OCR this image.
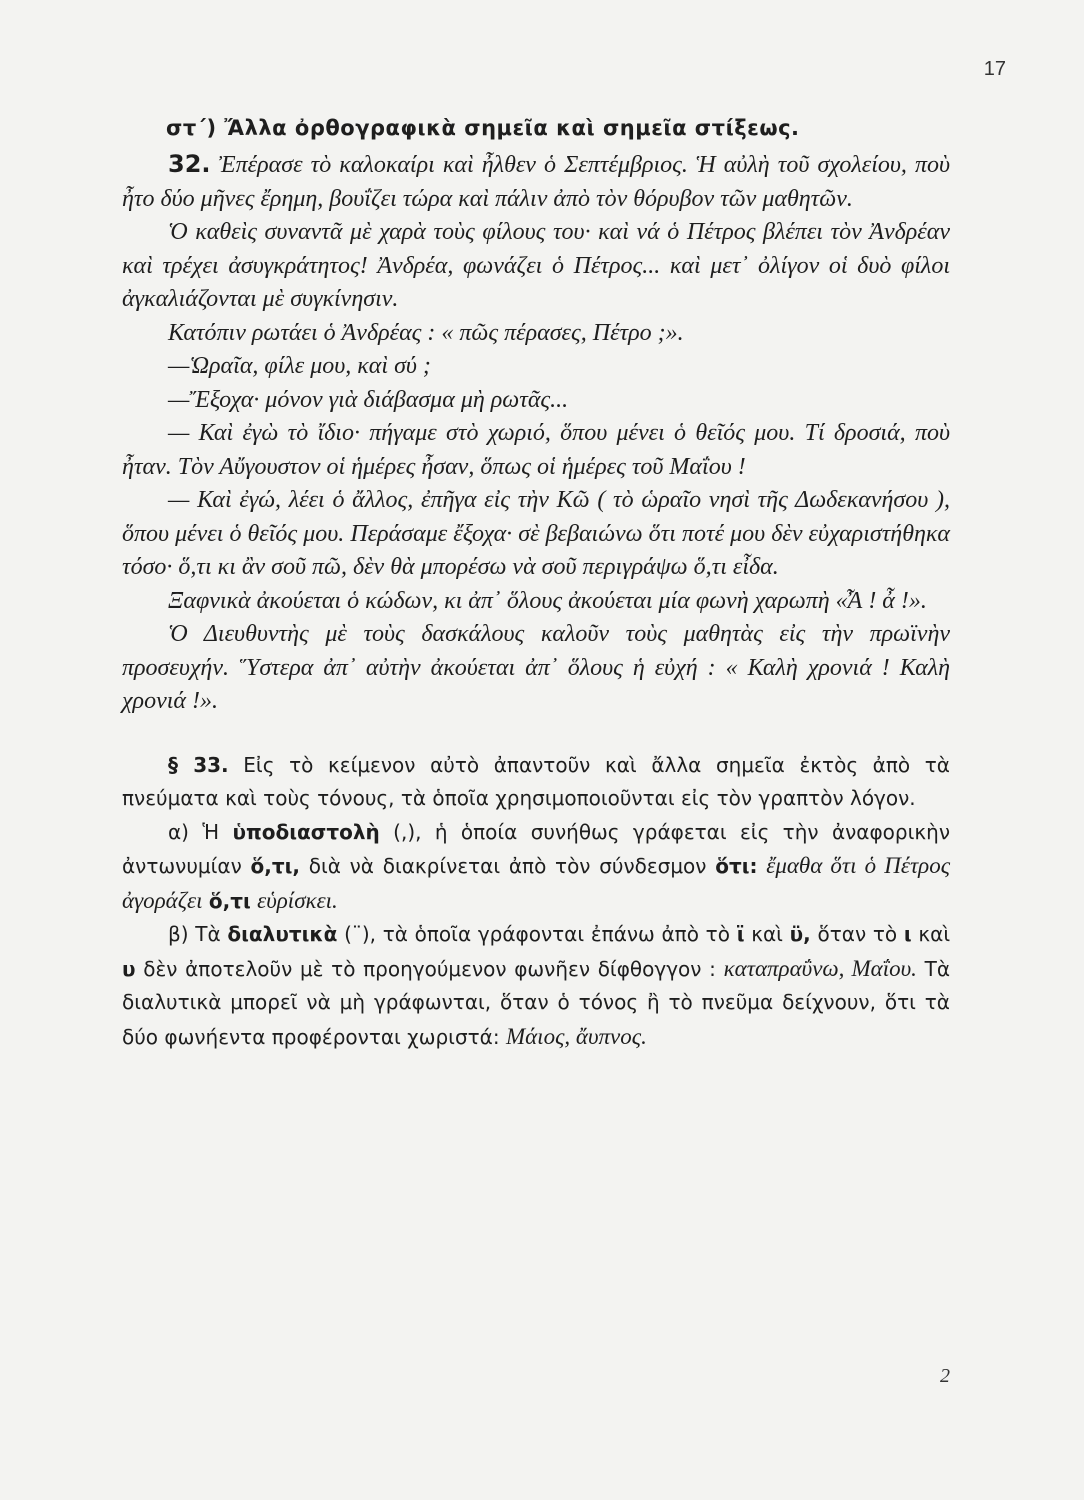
17
στ΄) Ἄλλα ὀρθογραφικὰ σημεῖα καὶ σημεῖα στίξεως.

32. Ἐπέρασε τὸ καλοκαίρι καὶ ἦλθεν ὁ Σεπτέμβριος. Ἡ αὐλὴ τοῦ σχολείου, ποὺ ἦτο δύο μῆνες ἔρημη, βουΐζει τώρα καὶ πάλιν ἀπὸ τὸν θόρυβον τῶν μαθητῶν.

Ὁ καθεὶς συναντᾶ μὲ χαρὰ τοὺς φίλους του· καὶ νά ὁ Πέτρος βλέπει τὸν Ἀνδρέαν καὶ τρέχει ἀσυγκράτητος! Ἀνδρέα, φωνάζει ὁ Πέτρος... καὶ μετ᾿ ὀλίγον οἱ δυὸ φίλοι ἀγκαλιάζονται μὲ συγκίνησιν.

Κατόπιν ρωτάει ὁ Ἀνδρέας : « πῶς πέρασες, Πέτρο ;».

—Ὡραῖα, φίλε μου, καὶ σύ ;

—Ἔξοχα· μόνον γιὰ διάβασμα μὴ ρωτᾶς...

— Καὶ ἐγὼ τὸ ἴδιο· πήγαμε στὸ χωριό, ὅπου μένει ὁ θεῖός μου. Τί δροσιά, ποὺ ἦταν. Τὸν Αὔγουστον οἱ ἡμέρες ἦσαν, ὅπως οἱ ἡμέρες τοῦ Μαΐου !

— Καὶ ἐγώ, λέει ὁ ἄλλος, ἐπῆγα εἰς τὴν Κῶ ( τὸ ὡραῖο νησὶ τῆς Δωδεκανήσου ), ὅπου μένει ὁ θεῖός μου. Περάσαμε ἔξοχα· σὲ βεβαιώνω ὅτι ποτέ μου δὲν εὐχαριστήθηκα τόσο· ὅ,τι κι ἂν σοῦ πῶ, δὲν θὰ μπορέσω νὰ σοῦ περιγράψω ὅ,τι εἶδα.

Ξαφνικὰ ἀκούεται ὁ κώδων, κι ἀπ᾿ ὅλους ἀκούεται μία φωνὴ χαρωπὴ «Ἆ ! ἆ !».

Ὁ Διευθυντὴς μὲ τοὺς δασκάλους καλοῦν τοὺς μαθητὰς εἰς τὴν πρωϊνὴν προσευχήν. Ὕστερα ἀπ᾿ αὐτὴν ἀκούεται ἀπ᾿ ὅλους ἡ εὐχή : « Καλὴ χρονιά ! Καλὴ χρονιά !».

§ 33. Εἰς τὸ κείμενον αὐτὸ ἀπαντοῦν καὶ ἄλλα σημεῖα ἐκτὸς ἀπὸ τὰ πνεύματα καὶ τοὺς τόνους, τὰ ὁποῖα χρησιμοποιοῦνται εἰς τὸν γραπτὸν λόγον.

α) Ἡ ὑποδιαστολὴ (,), ἡ ὁποία συνήθως γράφεται εἰς τὴν ἀναφορικὴν ἀντωνυμίαν ὅ,τι, διὰ νὰ διακρίνεται ἀπὸ τὸν σύνδεσμον ὅτι: ἔμαθα ὅτι ὁ Πέτρος ἀγοράζει ὅ,τι εὑρίσκει.

β) Τὰ διαλυτικὰ (¨), τὰ ὁποῖα γράφονται ἐπάνω ἀπὸ τὸ ϊ καὶ ϋ, ὅταν τὸ ι καὶ υ δὲν ἀποτελοῦν μὲ τὸ προηγούμενον φωνῆεν δίφθογγον : καταπραΰνω, Μαΐου. Τὰ διαλυτικὰ μπορεῖ νὰ μὴ γράφωνται, ὅταν ὁ τόνος ἢ τὸ πνεῦμα δείχνουν, ὅτι τὰ δύο φωνήεντα προφέρονται χωριστά: Μάιος, ἄυπνος.

2
